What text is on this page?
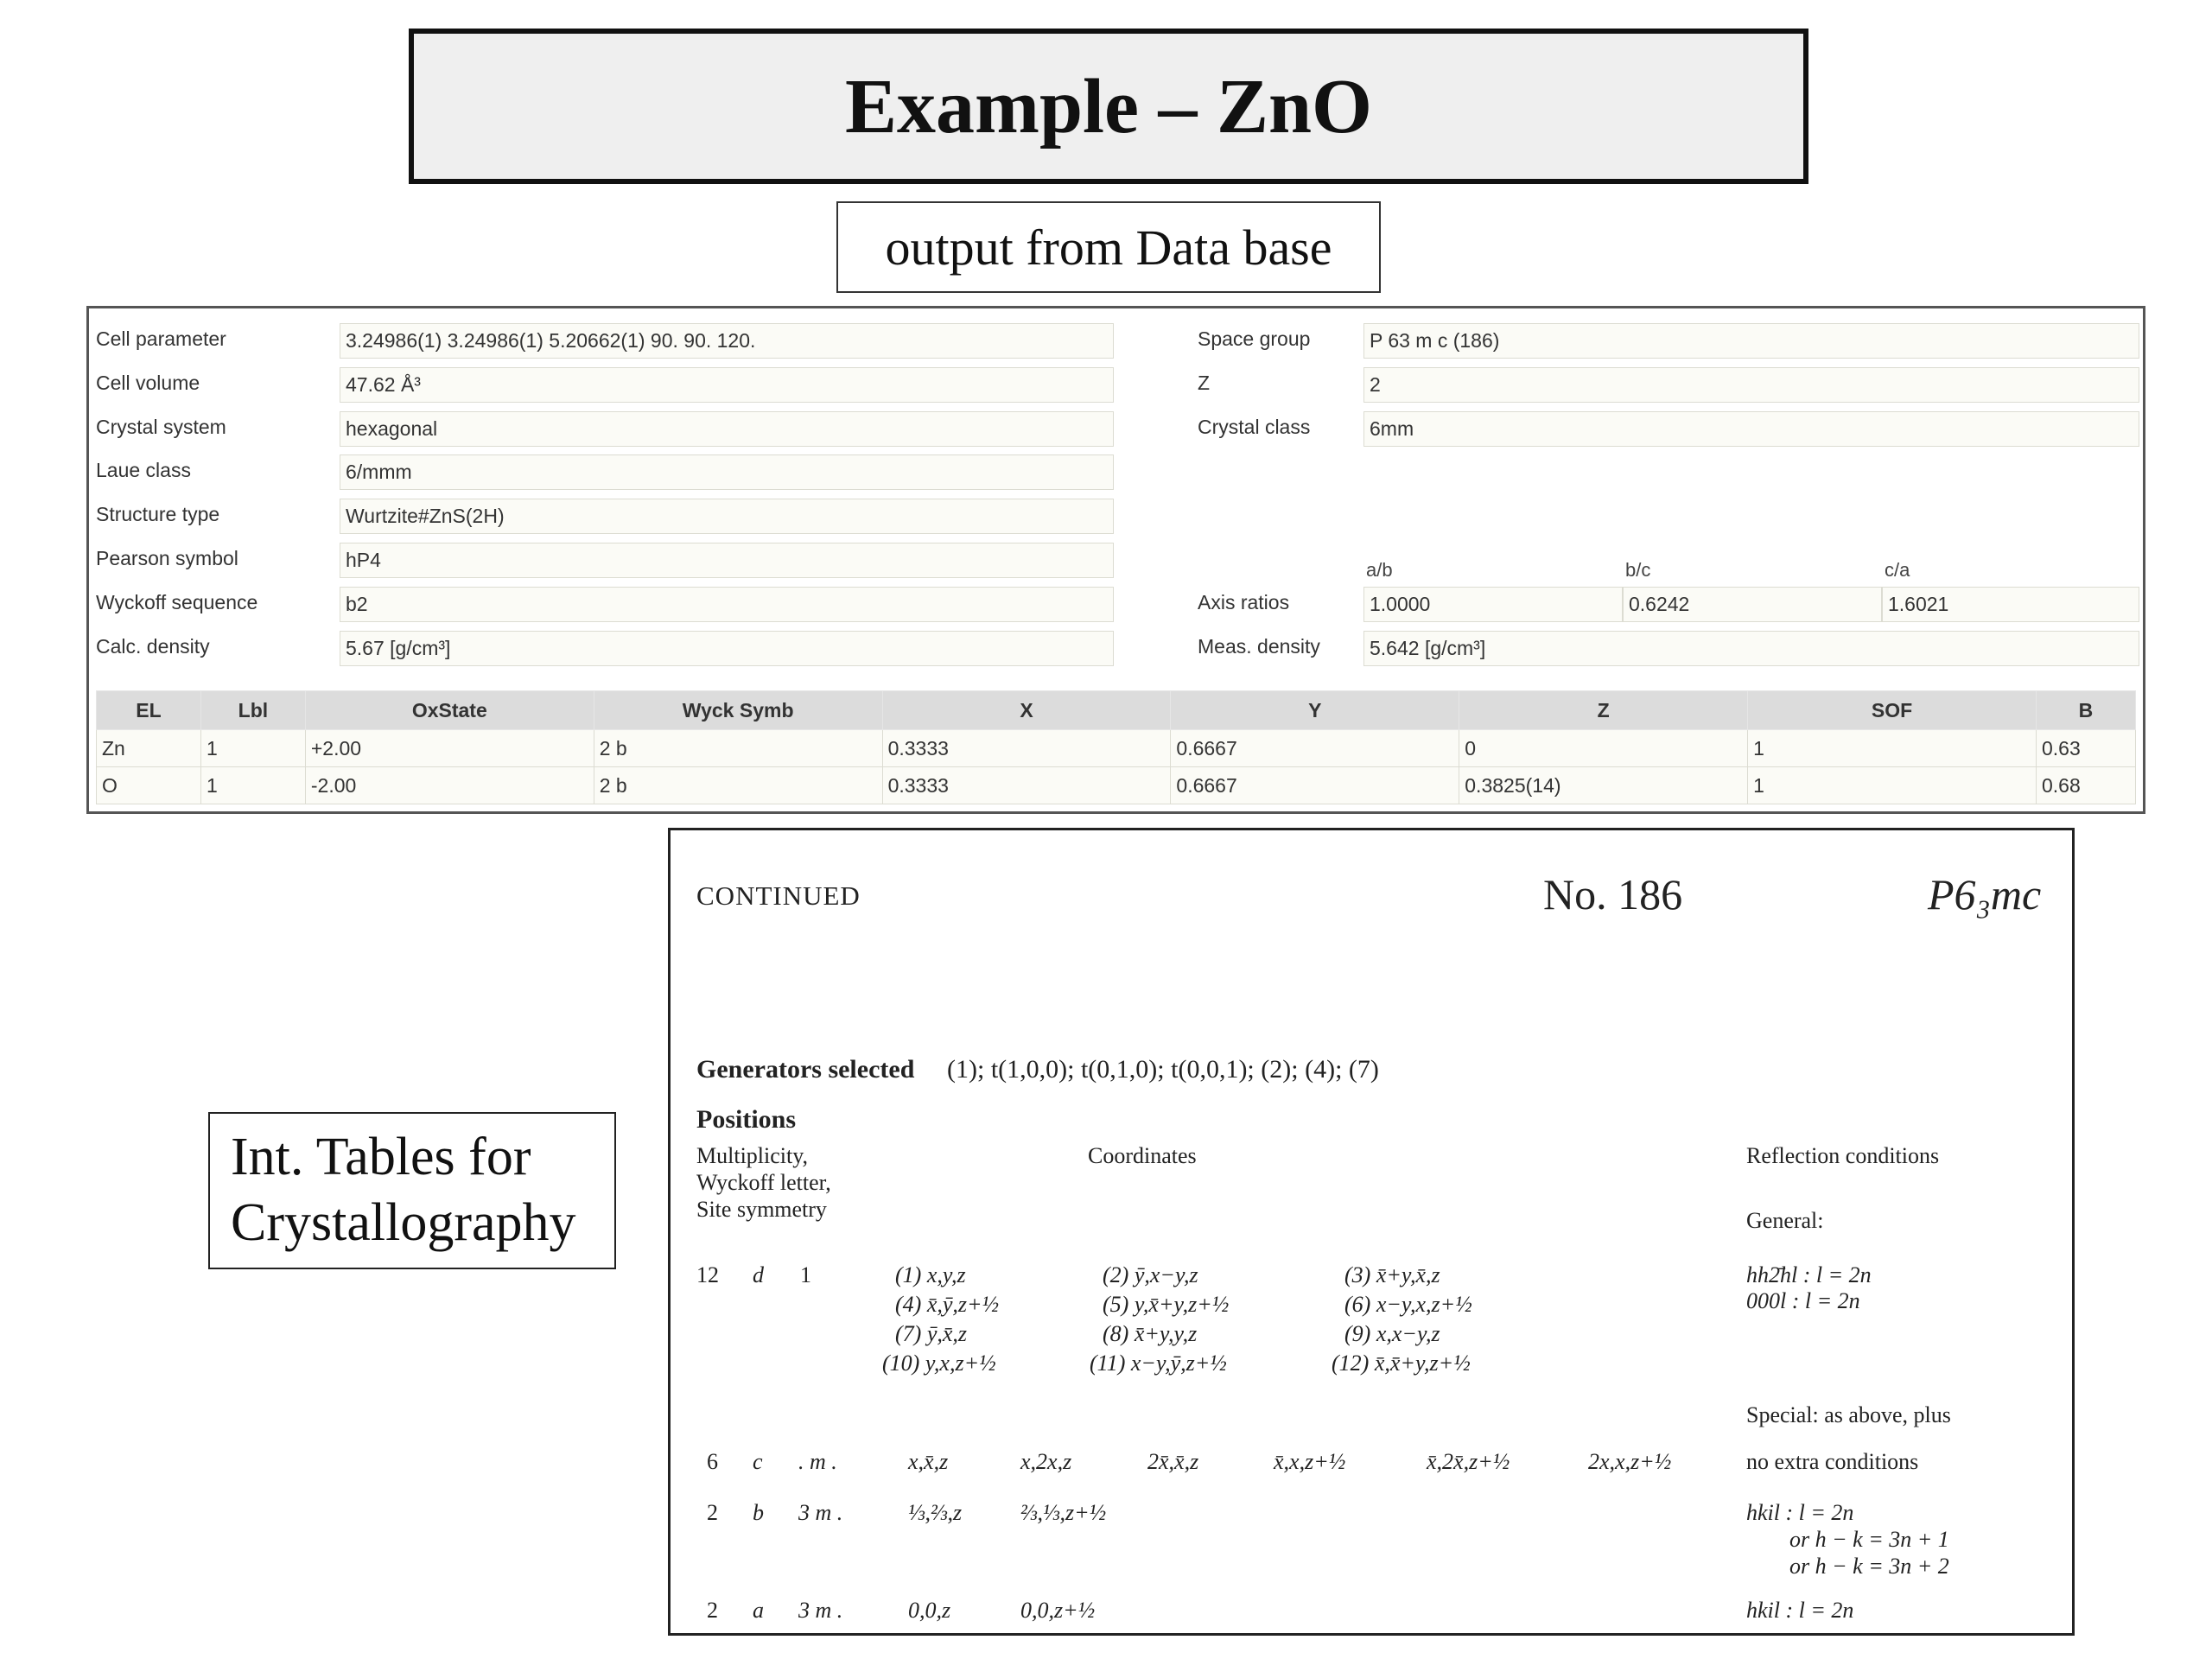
Example – ZnO
output from Data base
Cell parameter	3.24986(1) 3.24986(1) 5.20662(1) 90. 90. 120.
Cell volume	47.62 Å³
Crystal system	hexagonal
Laue class	6/mmm
Structure type	Wurtzite#ZnS(2H)
Pearson symbol	hP4
Wyckoff sequence	b2
Calc. density	5.67 [g/cm³]
Space group	P 63 m c (186)
Z	2
Crystal class	6mm
a/b	b/c	c/a
Axis ratios	1.0000	0.6242	1.6021
Meas. density	5.642 [g/cm³]
EL	Lbl	OxState	Wyck Symb	X	Y	Z	SOF	B
Zn	1	+2.00	2 b	0.3333	0.6667	0	1	0.63
O	1	-2.00	2 b	0.3333	0.6667	0.3825(14)	1	0.68
Int. Tables for
Crystallography
CONTINUED	No. 186	P6₃mc
Generators selected (1); t(1,0,0); t(0,1,0); t(0,0,1); (2); (4); (7)
Positions
Multiplicity,
Wyckoff letter,
Site symmetry
Coordinates	Reflection conditions
General:
12 d 1	(1) x,y,z	(2) ȳ,x−y,z	(3) x̄+y,x̄,z
(4) x̄,ȳ,z+½	(5) y,x̄+y,z+½	(6) x−y,x,z+½
(7) ȳ,x̄,z	(8) x̄+y,y,z	(9) x,x−y,z
(10) y,x,z+½	(11) x−y,ȳ,z+½	(12) x̄,x̄+y,z+½
hh2̄hl : l = 2n
000l : l = 2n
Special: as above, plus
6 c . m .	x,x̄,z	x,2x,z	2x̄,x̄,z	x̄,x,z+½	x̄,2x̄,z+½	2x,x,z+½	no extra conditions
2 b 3 m .	⅓,⅔,z	⅔,⅓,z+½	hkil : l = 2n
or h − k = 3n + 1
or h − k = 3n + 2
2 a 3 m .	0,0,z	0,0,z+½	hkil : l = 2n
